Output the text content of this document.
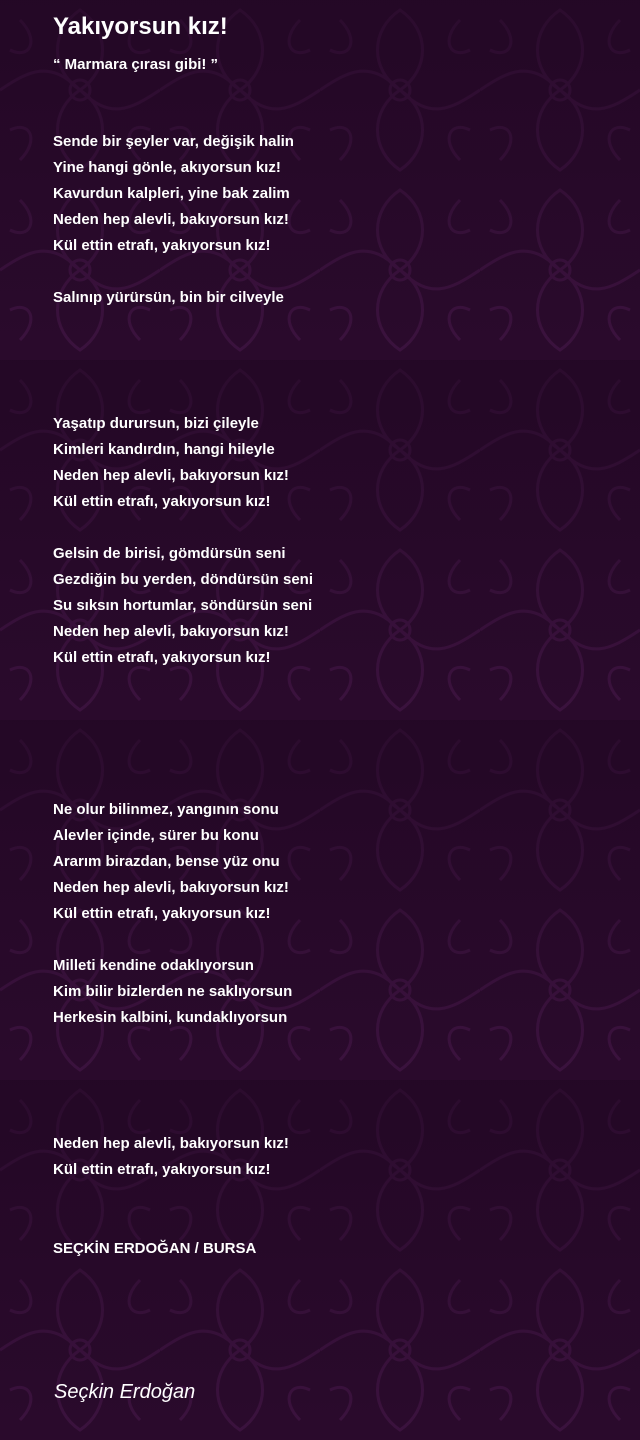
Yakıyorsun kız!
“ Marmara çırası gibi! ”
Sende bir şeyler var, değişik halin
Yine hangi gönle, akıyorsun kız!
Kavurdun kalpleri, yine bak zalim
Neden hep alevli, bakıyorsun kız!
Kül ettin etrafı, yakıyorsun kız!
Salınıp yürürsün, bin bir cilveyle
Yaşatıp durursun, bizi çileyle
Kimleri kandırdın, hangi hileyle
Neden hep alevli, bakıyorsun kız!
Kül ettin etrafı, yakıyorsun kız!
Gelsin de birisi, gömdürsün seni
Gezdiğin bu yerden, döndürsün seni
Su sıksın hortumlar, söndürsün seni
Neden hep alevli, bakıyorsun kız!
Kül ettin etrafı, yakıyorsun kız!
Ne olur bilinmez, yangının sonu
Alevler içinde, sürer bu konu
Ararım birazdan, bense yüz onu
Neden hep alevli, bakıyorsun kız!
Kül ettin etrafı, yakıyorsun kız!
Milleti kendine odaklıyorsun
Kim bilir bizlerden ne saklıyorsun
Herkesin kalbini, kundaklıyorsun
Neden hep alevli, bakıyorsun kız!
Kül ettin etrafı, yakıyorsun kız!
SEÇKİN ERDOĞAN / BURSA
Seçkin Erdoğan
